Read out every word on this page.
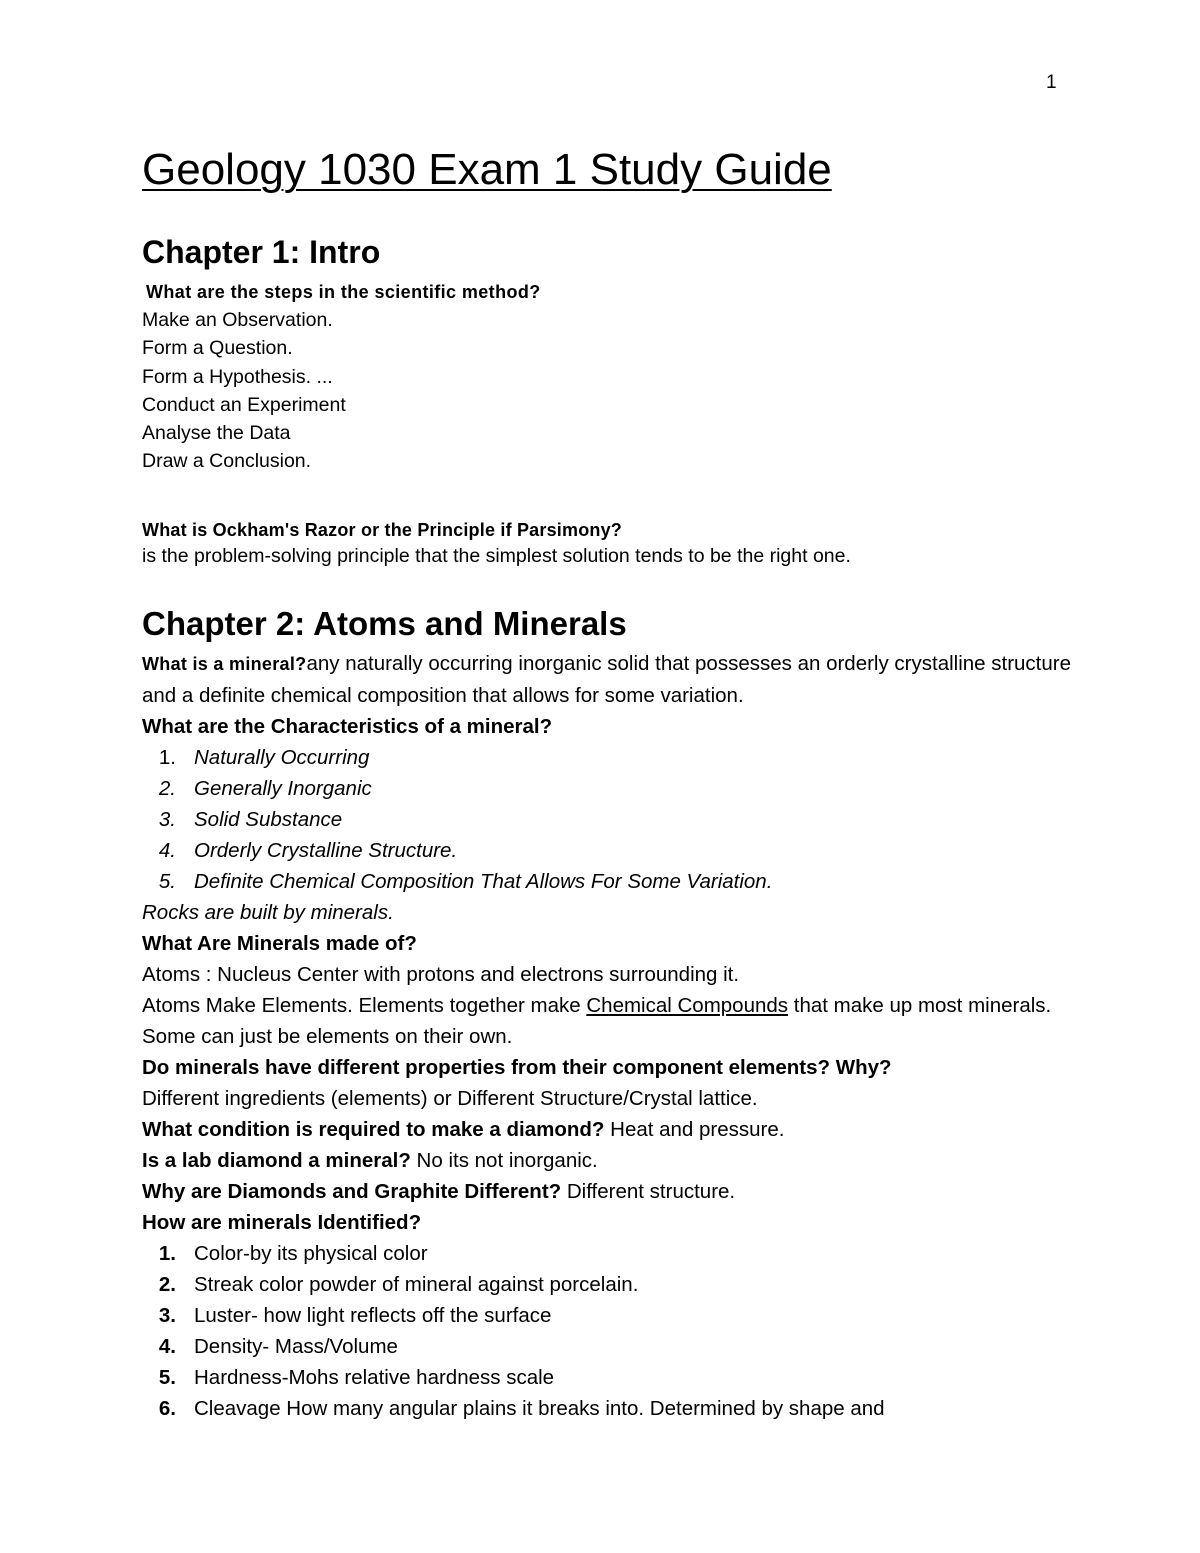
1
Geology 1030 Exam 1 Study Guide
Chapter 1: Intro
What are the steps in the scientific method?
Make an Observation.
Form a Question.
Form a Hypothesis. ...
Conduct an Experiment
Analyse the Data
Draw a Conclusion.
What is Ockham's Razor or the Principle if Parsimony?
is the problem-solving principle that the simplest solution tends to be the right one.
Chapter 2: Atoms and Minerals
What is a mineral?any naturally occurring inorganic solid that possesses an orderly crystalline structure and a definite chemical composition that allows for some variation.
What are the Characteristics of a mineral?
1. Naturally Occurring
2. Generally Inorganic
3. Solid Substance
4. Orderly Crystalline Structure.
5. Definite Chemical Composition That Allows For Some Variation.
Rocks are built by minerals.
What Are Minerals made of?
Atoms : Nucleus Center with protons and electrons surrounding it.
Atoms Make Elements. Elements together make Chemical Compounds that make up most minerals. Some can just be elements on their own.
Do minerals have different properties from their component elements? Why?
Different ingredients (elements) or Different Structure/Crystal lattice.
What condition is required to make a diamond? Heat and pressure.
Is a lab diamond a mineral? No its not inorganic.
Why are Diamonds and Graphite Different? Different structure.
How are minerals Identified?
1. Color-by its physical color
2. Streak color powder of mineral against porcelain.
3. Luster- how light reflects off the surface
4. Density- Mass/Volume
5. Hardness-Mohs relative hardness scale
6. Cleavage How many angular plains it breaks into. Determined by shape and
